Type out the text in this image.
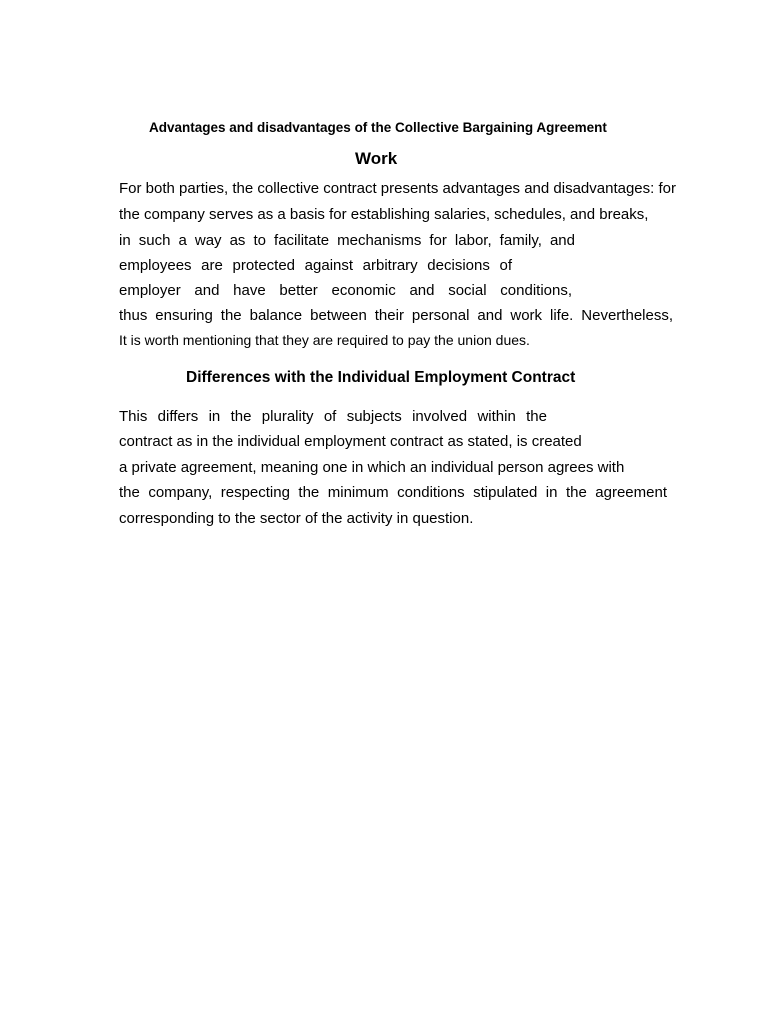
Advantages and disadvantages of the Collective Bargaining Agreement
Work
For both parties, the collective contract presents advantages and disadvantages: for
the company serves as a basis for establishing salaries, schedules, and breaks,
in such a way as to facilitate mechanisms for labor, family, and
employees are protected against arbitrary decisions of
employer and have better economic and social conditions,
thus ensuring the balance between their personal and work life. Nevertheless,
It is worth mentioning that they are required to pay the union dues.
Differences with the Individual Employment Contract
This differs in the plurality of subjects involved within the
contract as in the individual employment contract as stated, is created
a private agreement, meaning one in which an individual person agrees with
the company, respecting the minimum conditions stipulated in the agreement
corresponding to the sector of the activity in question.
